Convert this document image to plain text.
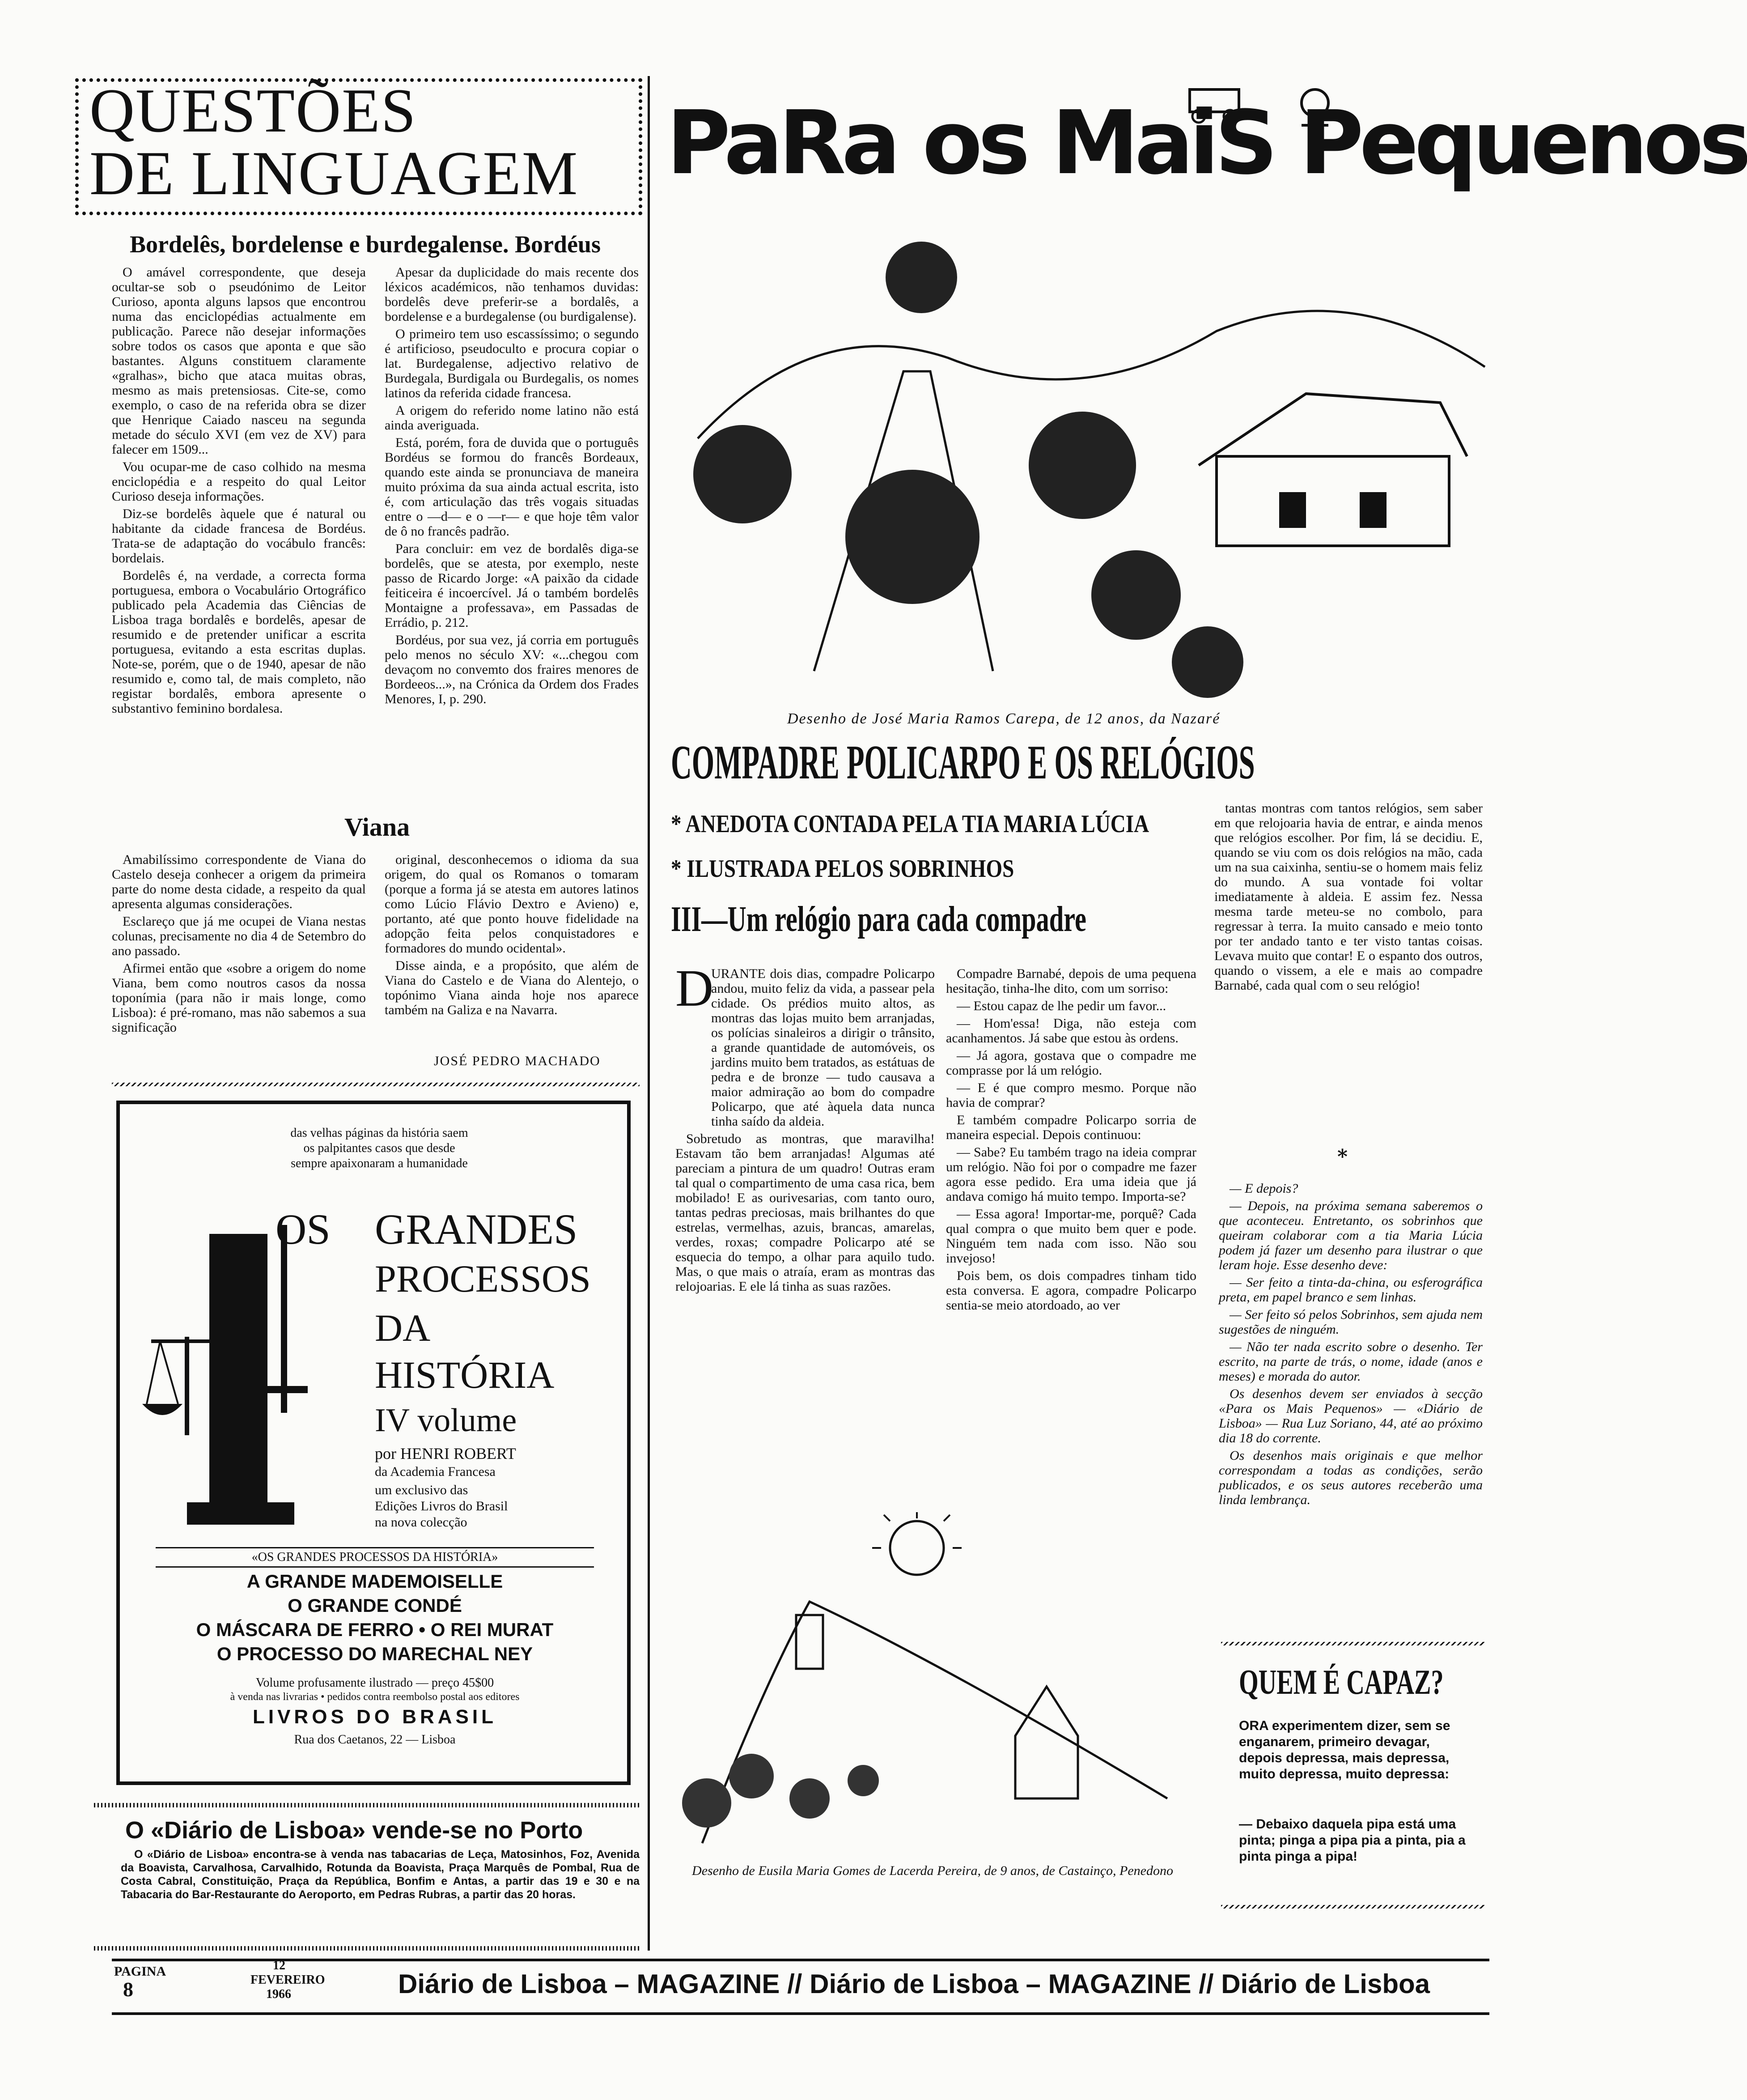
QUESTÕES
DE LINGUAGEM
Bordelês, bordelense e burdegalense. Bordéus

O amável correspondente, que deseja ocultar-se sob o pseudónimo de Leitor Curioso, aponta alguns lapsos que encontrou numa das enciclopédias actualmente em publicação. Parece não desejar informações sobre todos os casos que aponta e que são bastantes. Alguns constituem claramente «gralhas», bicho que ataca muitas obras, mesmo as mais pretensiosas. Cite-se, como exemplo, o caso de na referida obra se dizer que Henrique Caiado nasceu na segunda metade do século XVI (em vez de XV) para falecer em 1509...

Vou ocupar-me de caso colhido na mesma enciclopédia e a respeito do qual Leitor Curioso deseja informações.

Diz-se bordelês àquele que é natural ou habitante da cidade francesa de Bordéus. Trata-se de adaptação do vocábulo francês: bordelais.

Bordelês é, na verdade, a correcta forma portuguesa, embora o Vocabulário Ortográfico publicado pela Academia das Ciências de Lisboa traga bordalês e bordelês, apesar de resumido e de pretender unificar a escrita portuguesa, evitando a esta escritas duplas. Note-se, porém, que o de 1940, apesar de não resumido e, como tal, de mais completo, não registar bordalês, embora apresente o substantivo feminino bordalesa.

Apesar da duplicidade do mais recente dos léxicos académicos, não tenhamos duvidas: bordelês deve preferir-se a bordalês, a bordelense e a burdegalense (ou burdigalense).

O primeiro tem uso escassíssimo; o segundo é artificioso, pseudoculto e procura copiar o lat. Burdegalense, adjectivo relativo de Burdegala, Burdigala ou Burdegalis, os nomes latinos da referida cidade francesa.

A origem do referido nome latino não está ainda averiguada.

Está, porém, fora de duvida que o português Bordéus se formou do francês Bordeaux, quando este ainda se pronunciava de maneira muito próxima da sua ainda actual escrita, isto é, com articulação das três vogais situadas entre o —d— e o —r— e que hoje têm valor de ô no francês padrão.

Para concluir: em vez de bordalês diga-se bordelês, que se atesta, por exemplo, neste passo de Ricardo Jorge: «A paixão da cidade feiticeira é incoercível. Já o também bordelês Montaigne a professava», em Passadas de Errádio, p. 212.

Bordéus, por sua vez, já corria em português pelo menos no século XV: «...chegou com devaçom no convemto dos fraires menores de Bordeeos...», na Crónica da Ordem dos Frades Menores, I, p. 290.

Viana

Amabilíssimo correspondente de Viana do Castelo deseja conhecer a origem da primeira parte do nome desta cidade, a respeito da qual apresenta algumas considerações.

Esclareço que já me ocupei de Viana nestas colunas, precisamente no dia 4 de Setembro do ano passado.

Afirmei então que «sobre a origem do nome Viana, bem como noutros casos da nossa toponímia (para não ir mais longe, como Lisboa): é pré-romano, mas não sabemos a sua significação

original, desconhecemos o idioma da sua origem, do qual os Romanos o tomaram (porque a forma já se atesta em autores latinos como Lúcio Flávio Dextro e Avieno) e, portanto, até que ponto houve fidelidade na adopção feita pelos conquistadores e formadores do mundo ocidental».

Disse ainda, e a propósito, que além de Viana do Castelo e de Viana do Alentejo, o topónimo Viana ainda hoje nos aparece também na Galiza e na Navarra.

JOSÉ PEDRO MACHADO
das velhas páginas da história saem os palpitantes casos que desde sempre apaixonaram a humanidade
OS GRANDES
PROCESSOS
DA
HISTÓRIA
IV volume
por HENRI ROBERT
da Academia Francesa
um exclusivo das Edições Livros do Brasil na nova colecção
«OS GRANDES PROCESSOS DA HISTÓRIA»
A GRANDE MADEMOISELLE
O GRANDE CONDÉ
O MÁSCARA DE FERRO • O REI MURAT
O PROCESSO DO MARECHAL NEY
Volume profusamente ilustrado — preço 45$00
à venda nas livrarias • pedidos contra reembolso postal aos editores
LIVROS DO BRASIL
Rua dos Caetanos, 22 — Lisboa
O «Diário de Lisboa» vende-se no Porto
O «Diário de Lisboa» encontra-se à venda nas tabacarias de Leça, Matosinhos, Foz, Avenida da Boavista, Carvalhosa, Carvalhido, Rotunda da Boavista, Praça Marquês de Pombal, Rua de Costa Cabral, Constituição, Praça da República, Bonfim e Antas, a partir das 19 e 30 e na Tabacaria do Bar-Restaurante do Aeroporto, em Pedras Rubras, a partir das 20 horas.
PaRa os MaiS Pequenos
Desenho de José Maria Ramos Carepa, de 12 anos, da Nazaré
COMPADRE POLICARPO E OS RELÓGIOS
* ANEDOTA CONTADA PELA TIA MARIA LÚCIA
* ILUSTRADA PELOS SOBRINHOS
III—Um relógio para cada compadre
D

URANTE dois dias, compadre Policarpo andou, muito feliz da vida, a passear pela cidade. Os prédios muito altos, as montras das lojas muito bem arranjadas, os polícias sinaleiros a dirigir o trânsito, a grande quantidade de automóveis, os jardins muito bem tratados, as estátuas de pedra e de bronze — tudo causava a maior admiração ao bom do compadre Policarpo, que até àquela data nunca tinha saído da aldeia.

Sobretudo as montras, que maravilha! Estavam tão bem arranjadas! Algumas até pareciam a pintura de um quadro! Outras eram tal qual o compartimento de uma casa rica, bem mobilado! E as ourivesarias, com tanto ouro, tantas pedras preciosas, mais brilhantes do que estrelas, vermelhas, azuis, brancas, amarelas, verdes, roxas; compadre Policarpo até se esquecia do tempo, a olhar para aquilo tudo. Mas, o que mais o atraía, eram as montras das relojoarias. E ele lá tinha as suas razões.

Compadre Barnabé, depois de uma pequena hesitação, tinha-lhe dito, com um sorriso:

— Estou capaz de lhe pedir um favor...

— Hom'essa! Diga, não esteja com acanhamentos. Já sabe que estou às ordens.

— Já agora, gostava que o compadre me comprasse por lá um relógio.

— E é que compro mesmo. Porque não havia de comprar?

E também compadre Policarpo sorria de maneira especial. Depois continuou:

— Sabe? Eu também trago na ideia comprar um relógio. Não foi por o compadre me fazer agora esse pedido. Era uma ideia que já andava comigo há muito tempo. Importa-se?

— Essa agora! Importar-me, porquê? Cada qual compra o que muito bem quer e pode. Ninguém tem nada com isso. Não sou invejoso!

Pois bem, os dois compadres tinham tido esta conversa. E agora, compadre Policarpo sentia-se meio atordoado, ao ver

tantas montras com tantos relógios, sem saber em que relojoaria havia de entrar, e ainda menos que relógios escolher. Por fim, lá se decidiu. E, quando se viu com os dois relógios na mão, cada um na sua caixinha, sentiu-se o homem mais feliz do mundo. A sua vontade foi voltar imediatamente à aldeia. E assim fez. Nessa mesma tarde meteu-se no combolo, para regressar à terra. Ia muito cansado e meio tonto por ter andado tanto e ter visto tantas coisas. Levava muito que contar! E o espanto dos outros, quando o vissem, a ele e mais ao compadre Barnabé, cada qual com o seu relógio!

*

— E depois?

— Depois, na próxima semana saberemos o que aconteceu. Entretanto, os sobrinhos que queiram colaborar com a tia Maria Lúcia podem já fazer um desenho para ilustrar o que leram hoje. Esse desenho deve:

— Ser feito a tinta-da-china, ou esferográfica preta, em papel branco e sem linhas.

— Ser feito só pelos Sobrinhos, sem ajuda nem sugestões de ninguém.

— Não ter nada escrito sobre o desenho. Ter escrito, na parte de trás, o nome, idade (anos e meses) e morada do autor.

Os desenhos devem ser enviados à secção «Para os Mais Pequenos» — «Diário de Lisboa» — Rua Luz Soriano, 44, até ao próximo dia 18 do corrente.

Os desenhos mais originais e que melhor correspondam a todas as condições, serão publicados, e os seus autores receberão uma linda lembrança.

Desenho de Eusila Maria Gomes de Lacerda Pereira, de 9 anos, de Castainço, Penedono
QUEM É CAPAZ?
ORA experimentem dizer, sem se enganarem, primeiro devagar, depois depressa, mais depressa, muito depressa, muito depressa:
— Debaixo daquela pipa está uma pinta; pinga a pipa pia a pinta, pia a pinta pinga a pipa!
PAGINA
8
12
FEVEREIRO
1966	Diário de Lisboa – MAGAZINE // Diário de Lisboa – MAGAZINE // Diário de Lisboa
